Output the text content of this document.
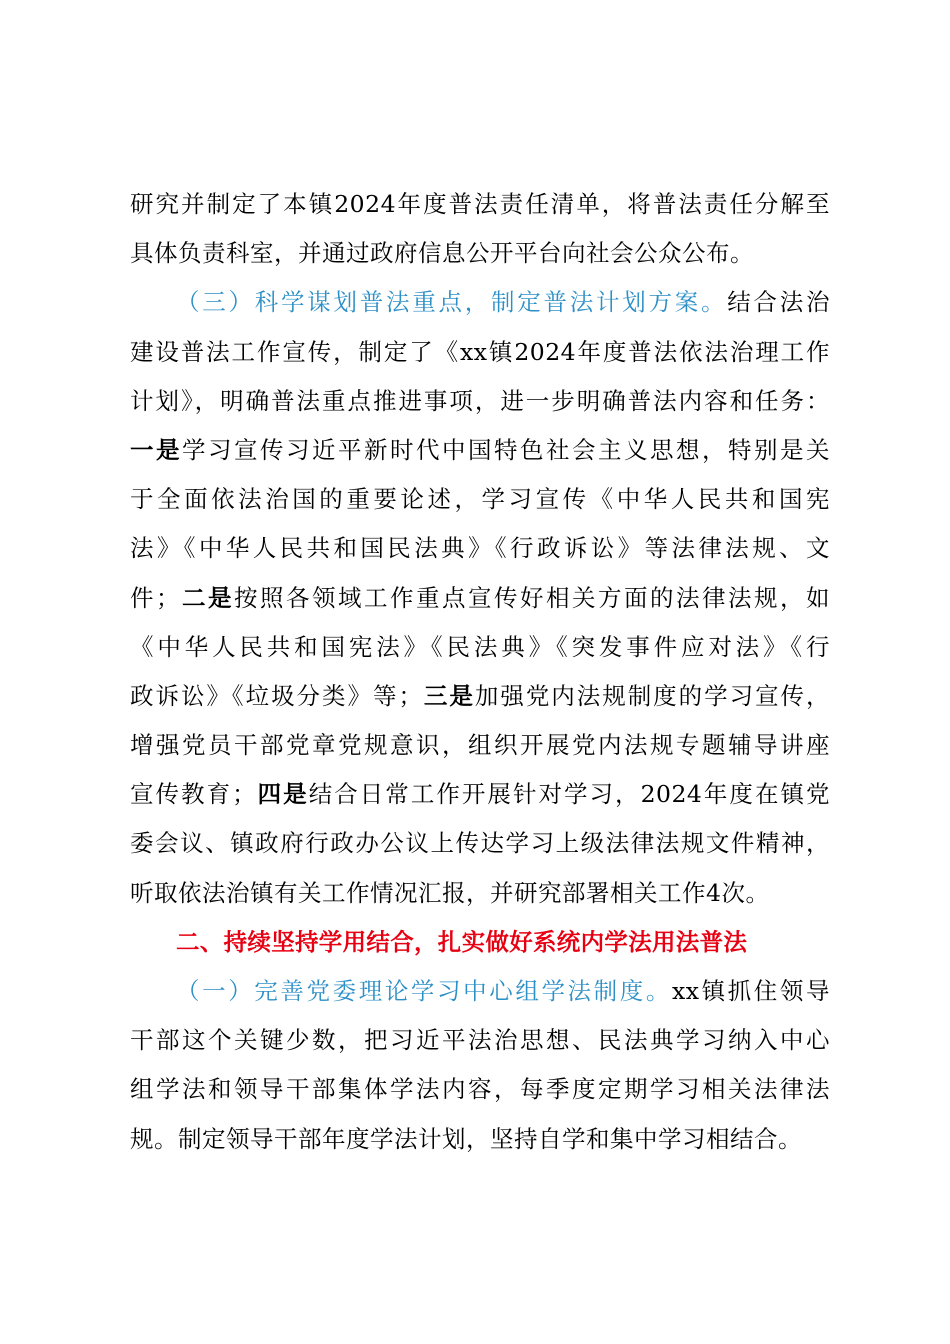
研究并制定了本镇2024年度普法责任清单，将普法责任分解至
具体负责科室，并通过政府信息公开平台向社会公众公布。
（三）科学谋划普法重点，制定普法计划方案。结合法治
建设普法工作宣传，制定了《xx镇2024年度普法依法治理工作
计划》，明确普法重点推进事项，进一步明确普法内容和任务：
一是学习宣传习近平新时代中国特色社会主义思想，特别是关
于全面依法治国的重要论述，学习宣传《中华人民共和国宪
法》《中华人民共和国民法典》《行政诉讼》等法律法规、文
件；二是按照各领域工作重点宣传好相关方面的法律法规，如
《中华人民共和国宪法》《民法典》《突发事件应对法》《行
政诉讼》《垃圾分类》等；三是加强党内法规制度的学习宣传，
增强党员干部党章党规意识，组织开展党内法规专题辅导讲座
宣传教育；四是结合日常工作开展针对学习，2024年度在镇党
委会议、镇政府行政办公议上传达学习上级法律法规文件精神，
听取依法治镇有关工作情况汇报，并研究部署相关工作4次。
二、持续坚持学用结合，扎实做好系统内学法用法普法
（一）完善党委理论学习中心组学法制度。xx镇抓住领导
干部这个关键少数，把习近平法治思想、民法典学习纳入中心
组学法和领导干部集体学法内容，每季度定期学习相关法律法
规。制定领导干部年度学法计划，坚持自学和集中学习相结合。
